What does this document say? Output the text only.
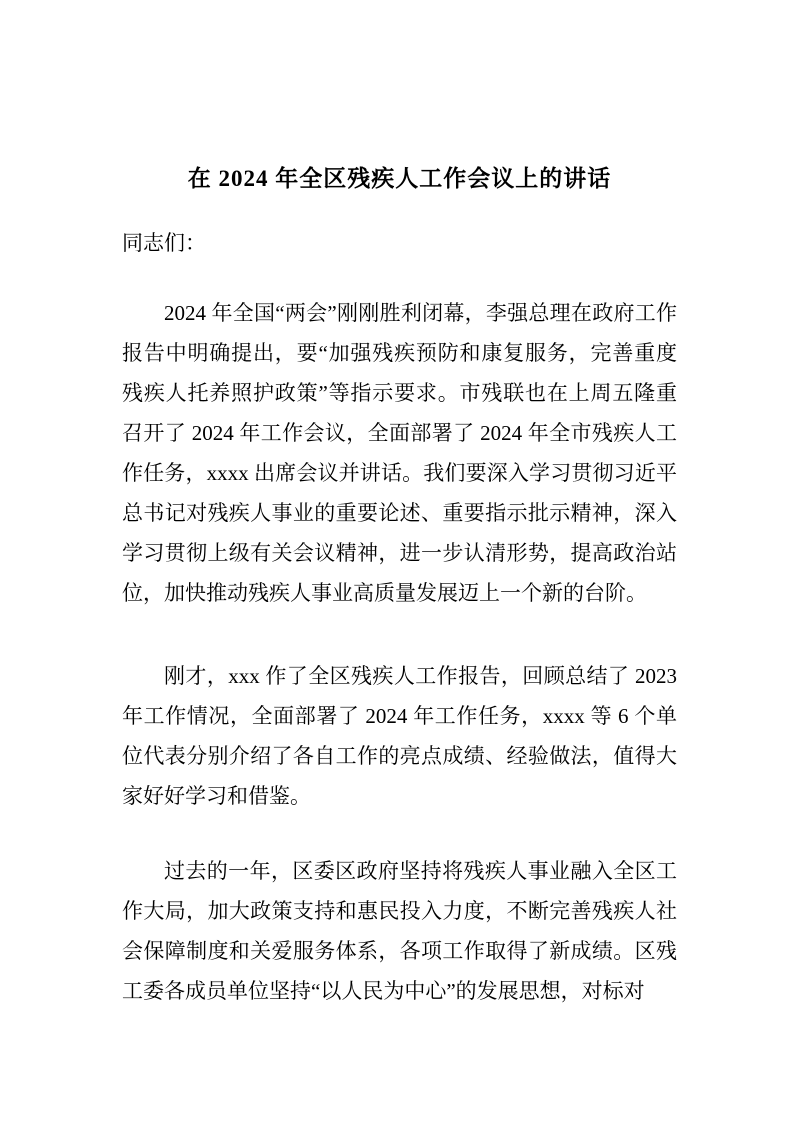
在 2024 年全区残疾人工作会议上的讲话

同志们：

2024 年全国“两会”刚刚胜利闭幕，李强总理在政府工作报告中明确提出，要“加强残疾预防和康复服务，完善重度残疾人托养照护政策”等指示要求。市残联也在上周五隆重召开了 2024 年工作会议，全面部署了 2024 年全市残疾人工作任务，xxxx 出席会议并讲话。我们要深入学习贯彻习近平总书记对残疾人事业的重要论述、重要指示批示精神，深入学习贯彻上级有关会议精神，进一步认清形势，提高政治站位，加快推动残疾人事业高质量发展迈上一个新的台阶。

刚才，xxx 作了全区残疾人工作报告，回顾总结了 2023 年工作情况，全面部署了 2024 年工作任务，xxxx 等 6 个单位代表分别介绍了各自工作的亮点成绩、经验做法，值得大家好好学习和借鉴。

过去的一年，区委区政府坚持将残疾人事业融入全区工作大局，加大政策支持和惠民投入力度，不断完善残疾人社会保障制度和关爱服务体系，各项工作取得了新成绩。区残工委各成员单位坚持“以人民为中心”的发展思想，对标对
